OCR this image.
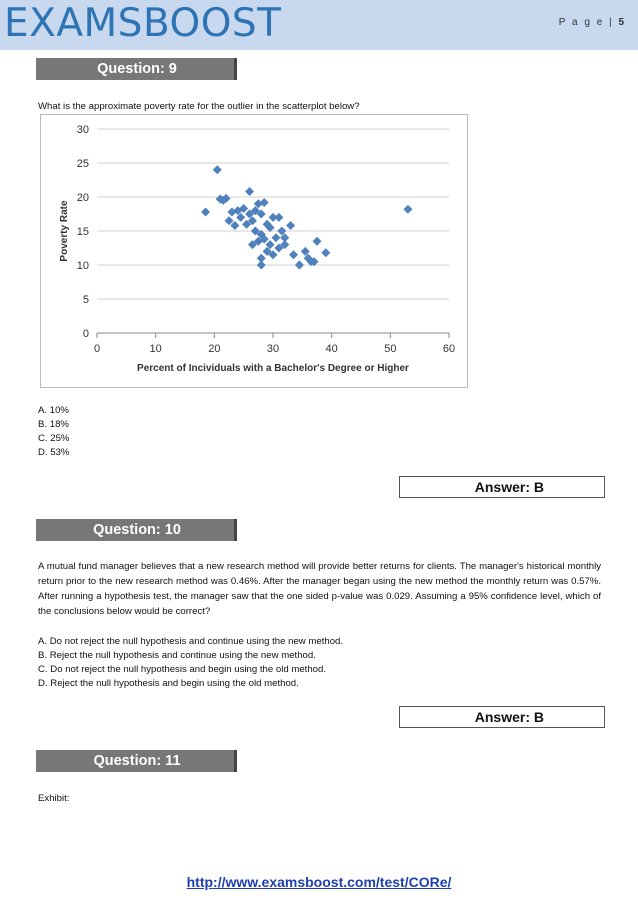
EXAMSBOOST	P a g e | 5
Question: 9
What is the approximate poverty rate for the outlier in the scatterplot below?
0
5
10
15
20
25
30
0	10	20	30	40	50	60
Percent of Incividuals with a Bachelor's Degree or Higher
Poverty Rate
A. 10%
B. 18%
C. 25%
D. 53%
Answer: B
Question: 10
A mutual fund manager believes that a new research method will provide better returns for clients. The manager's historical monthly return prior to the new research method was 0.46%. After the manager began using the new method the monthly return was 0.57%. After running a hypothesis test, the manager saw that the one sided p-value was 0.029. Assuming a 95% confidence level, which of the conclusions below would be correct?
A. Do not reject the null hypothesis and continue using the new method.
B. Reject the null hypothesis and continue using the new method.
C. Do not reject the null hypothesis and begin using the old method.
D. Reject the null hypothesis and begin using the old method.
Answer: B
Question: 11
Exhibit:
http://www.examsboost.com/test/CORe/
